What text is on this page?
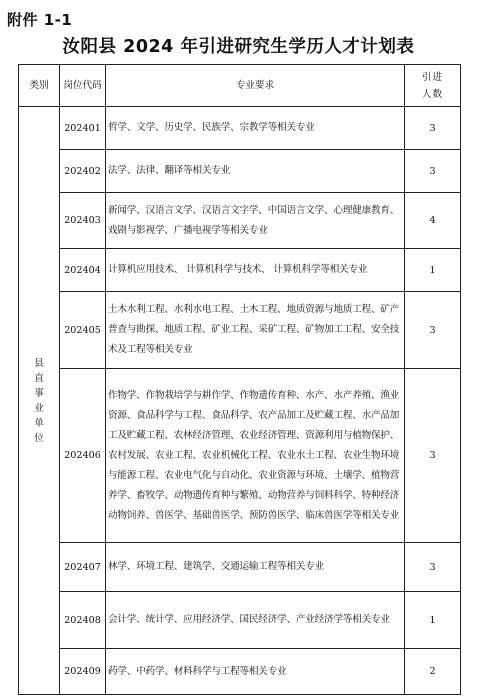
附件 1-1
汝阳县 2024 年引进研究生学历人才计划表
类别	岗位代码	专业要求	引进人数
县直事业单位	202401	哲学、文学、历史学、民族学、宗教学等相关专业	3
	202402	法学、法律、翻译等相关专业	3
	202403	新闻学、汉语言文学、汉语言文字学、中国语言文学、心理健康教育、戏剧与影视学、广播电视学等相关专业	4
	202404	计算机应用技术、 计算机科学与技术、 计算机科学等相关专业	1
	202405	土木水利工程、水利水电工程、土木工程、地质资源与地质工程、矿产普查与勘探、地质工程、矿业工程、采矿工程、矿物加工工程、安全技术及工程等相关专业	3
	202406	作物学、作物栽培学与耕作学、作物遗传育种、水产、水产养殖、渔业资源、食品科学与工程、食品科学、农产品加工及贮藏工程、水产品加工及贮藏工程、农林经济管理、农业经济管理、资源利用与植物保护、农村发展、农业工程、农业机械化工程、农业水土工程、农业生物环境与能源工程、农业电气化与自动化、农业资源与环境、土壤学、植物营养学、畜牧学、动物遗传育种与繁殖、动物营养与饲料科学、特种经济动物饲养、兽医学、基础兽医学、预防兽医学、临床兽医学等相关专业	3
	202407	林学、环境工程、建筑学、交通运输工程等相关专业	3
	202408	会计学、统计学、应用经济学、国民经济学、产业经济学等相关专业	1
	202409	药学、中药学、材料科学与工程等相关专业	2
